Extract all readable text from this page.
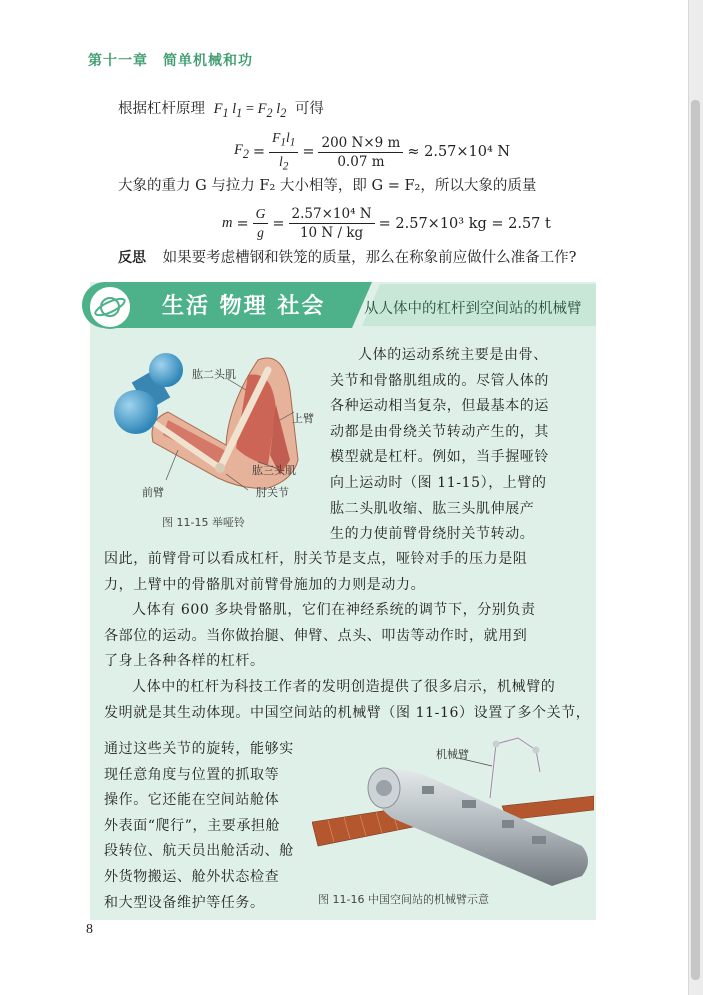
第十一章　简单机械和功
根据杠杆原理 $F_1$ $l_1 = F_2$ $l_2$ 可得
$F_2 = \frac{F_1l_1}{l_2} = \frac{200 N\times 9 m}{0.07 m} \approx 2.57\times 10^4$ N
大象的重力 G 与拉力 F₂ 大小相等，即 G = F₂，所以大象的质量
$m = \frac{G}{g} = \frac{\text{2.57×10⁴ N}}{10 N / kg} = 2.57\times 10^3$ kg = 2.57 t
反思 如果要考虑槽钢和铁笼的质量，那么在称象前应做什么准备工作?
生活 物理 社会	从人体中的杠杆到空间站的机械臂
肱二头肌
上臂
肱三头肌
前臂	肘关节
图 11-15 举哑铃
人体的运动系统主要是由骨、
关节和骨骼肌组成的。尽管人体的
各种运动相当复杂，但最基本的运
动都是由骨绕关节转动产生的，其
模型就是杠杆。例如，当手握哑铃
向上运动时（图 11-15），上臂的
肱二头肌收缩、肱三头肌伸展产
生的力使前臂骨绕肘关节转动。
因此，前臂骨可以看成杠杆，肘关节是支点，哑铃对手的压力是阻
力，上臂中的骨骼肌对前臂骨施加的力则是动力。
人体有 600 多块骨骼肌，它们在神经系统的调节下，分别负责
各部位的运动。当你做抬腿、伸臂、点头、叩齿等动作时，就用到
了身上各种各样的杠杆。
人体中的杠杆为科技工作者的发明创造提供了很多启示，机械臂的
发明就是其生动体现。中国空间站的机械臂（图 11-16）设置了多个关节，
通过这些关节的旋转，能够实
现任意角度与位置的抓取等
操作。它还能在空间站舱体
外表面“爬行”，主要承担舱
段转位、航天员出舱活动、舱
外货物搬运、舱外状态检查
和大型设备维护等任务。
机械臂
图 11-16 中国空间站的机械臂示意
8
